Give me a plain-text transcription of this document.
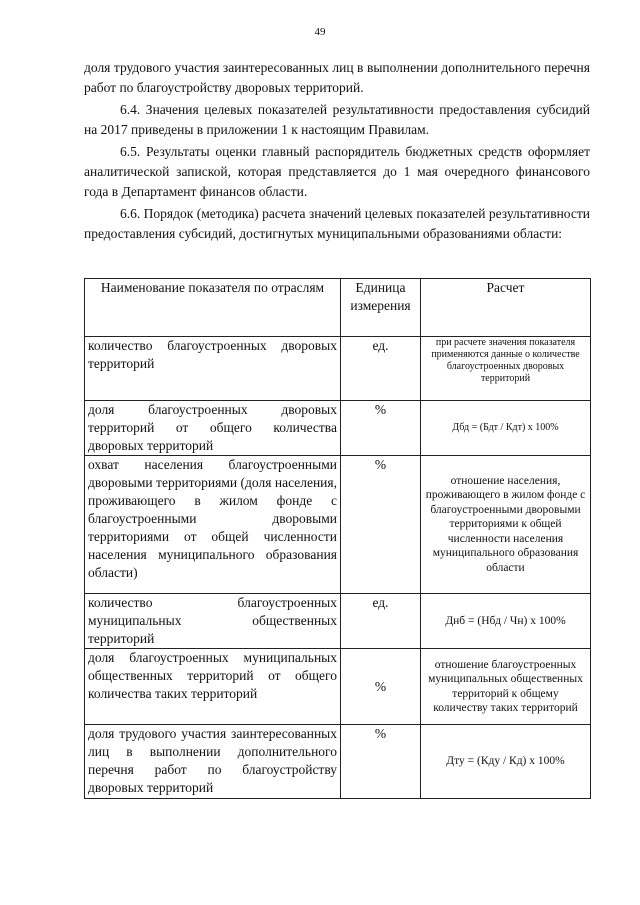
49

доля трудового участия заинтересованных лиц в выполнении дополнительного перечня работ по благоустройству дворовых территорий.

6.4. Значения целевых показателей результативности предоставления субсидий на 2017 приведены в приложении 1 к настоящим Правилам.

6.5. Результаты оценки главный распорядитель бюджетных средств оформляет аналитической запиской, которая представляется до 1 мая очередного финансового года в Департамент финансов области.

6.6. Порядок (методика) расчета значений целевых показателей результативности предоставления субсидий, достигнутых муниципальными образованиями области:

Наименование показателя по отраслям	Единица измерения	Расчет
количество благоустроенных дворовых территорий	ед.	при расчете значения показателя применяются данные о количестве благоустроенных дворовых территорий
доля благоустроенных дворовых территорий от общего количества дворовых территорий	%	Дбд = (Бдт / Кдт) х 100%
охват населения благоустроенными дворовыми территориями (доля населения, проживающего в жилом фонде с благоустроенными дворовыми территориями от общей численности населения муниципального образования области)	%	отношение населения, проживающего в жилом фонде с благоустроенными дворовыми территориями к общей численности населения муниципального образования области
количество благоустроенных муниципальных общественных территорий	ед.	Днб = (Нбд / Чн) х 100%
доля благоустроенных муниципальных общественных территорий от общего количества таких территорий	%	отношение благоустроенных муниципальных общественных территорий к общему количеству таких территорий
доля трудового участия заинтересованных лиц в выполнении дополнительного перечня работ по благоустройству дворовых территорий	%	Дту = (Кду / Кд) х 100%
